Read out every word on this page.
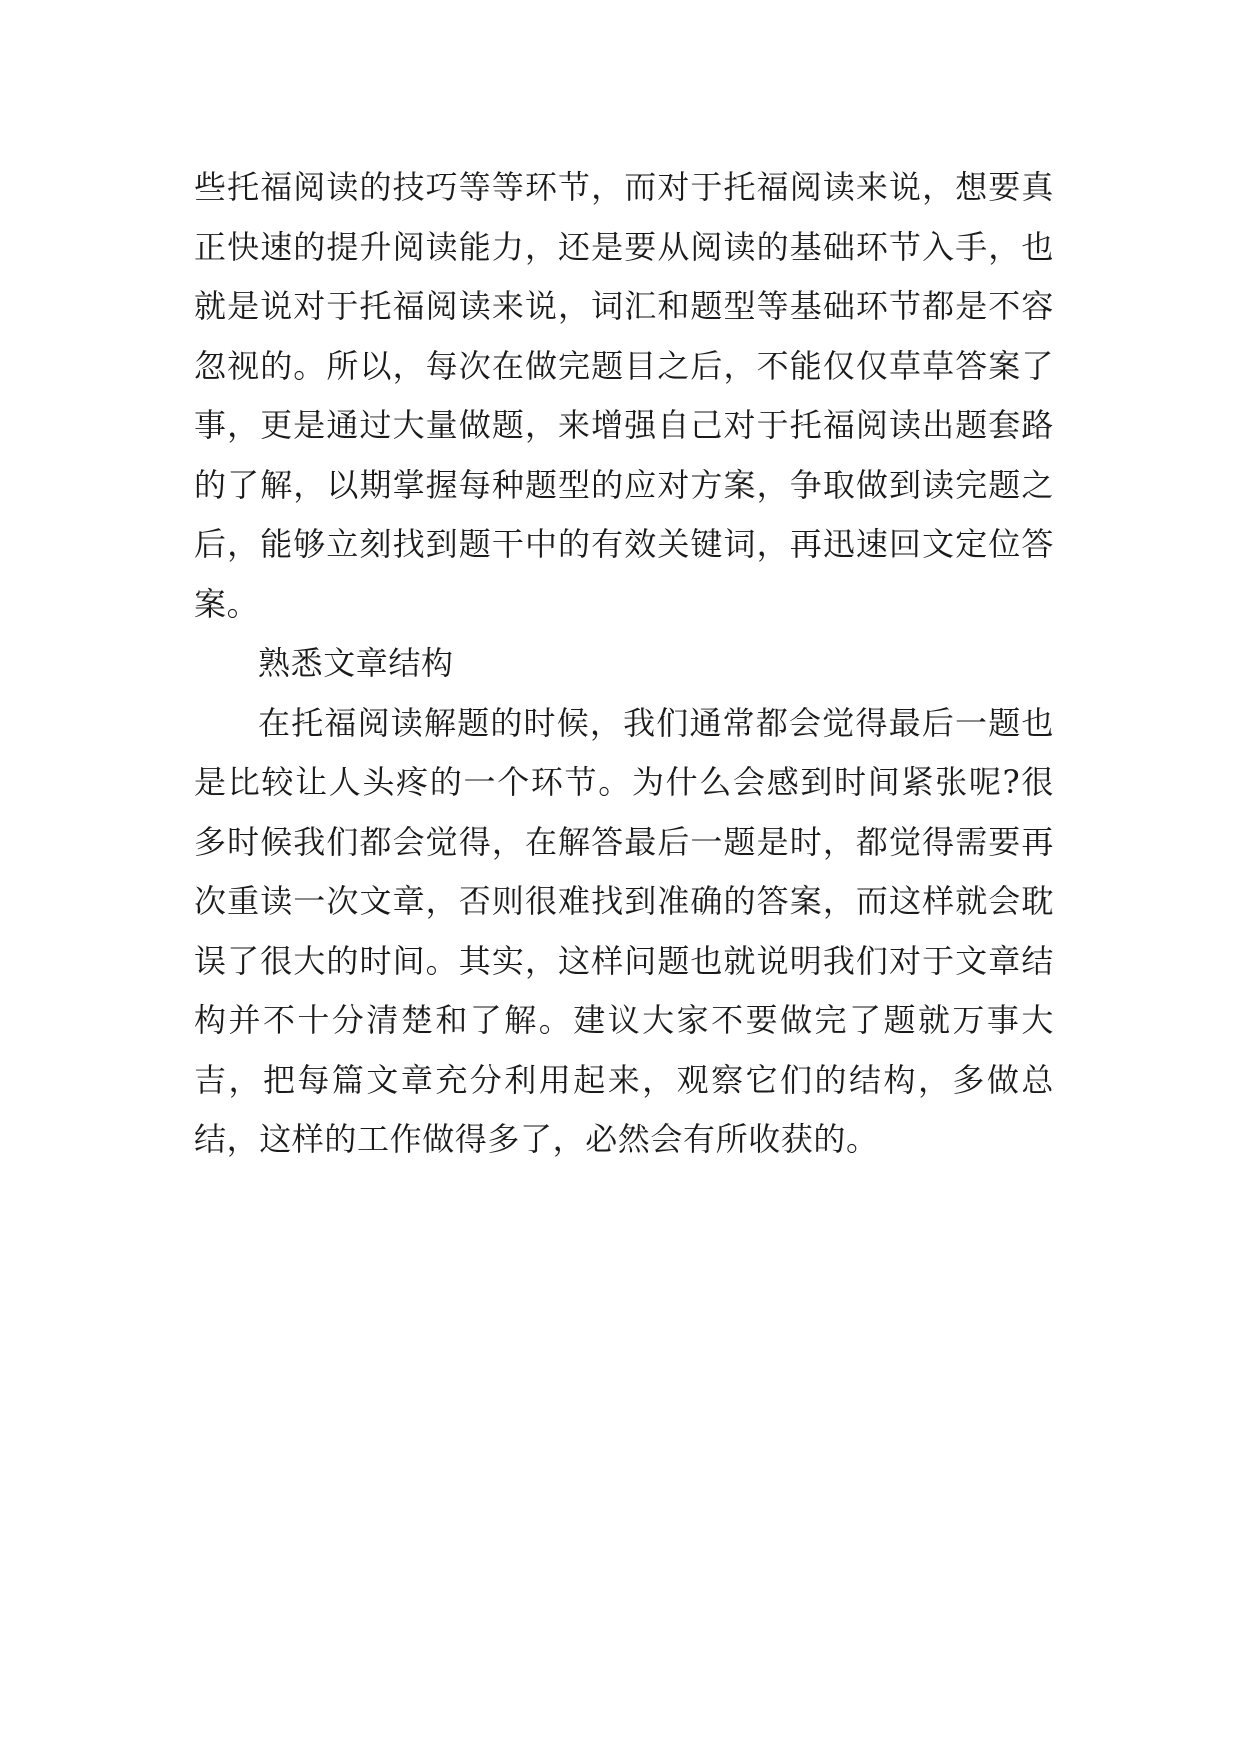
些托福阅读的技巧等等环节，而对于托福阅读来说，想要真正快速的提升阅读能力，还是要从阅读的基础环节入手，也就是说对于托福阅读来说，词汇和题型等基础环节都是不容忽视的。所以，每次在做完题目之后，不能仅仅草草答案了事，更是通过大量做题，来增强自己对于托福阅读出题套路的了解，以期掌握每种题型的应对方案，争取做到读完题之后，能够立刻找到题干中的有效关键词，再迅速回文定位答案。

熟悉文章结构

在托福阅读解题的时候，我们通常都会觉得最后一题也是比较让人头疼的一个环节。为什么会感到时间紧张呢?很多时候我们都会觉得，在解答最后一题是时，都觉得需要再次重读一次文章，否则很难找到准确的答案，而这样就会耽误了很大的时间。其实，这样问题也就说明我们对于文章结构并不十分清楚和了解。建议大家不要做完了题就万事大吉，把每篇文章充分利用起来，观察它们的结构，多做总结，这样的工作做得多了，必然会有所收获的。
